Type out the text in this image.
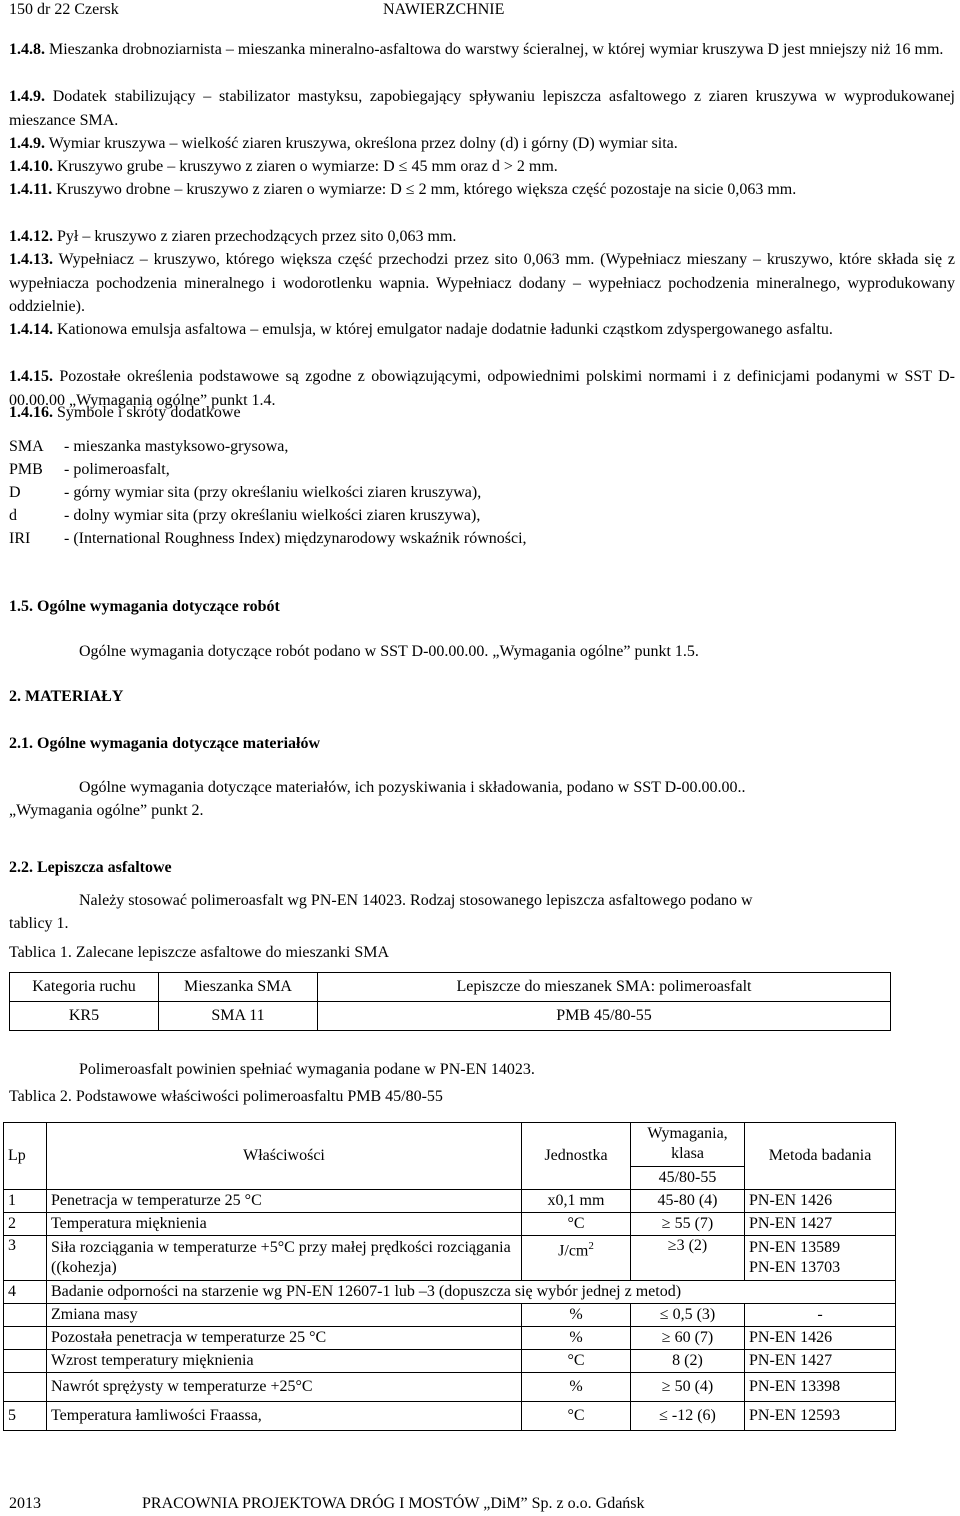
150 dr 22 Czersk	NAWIERZCHNIE
1.4.8. Mieszanka drobnoziarnista – mieszanka mineralno-asfaltowa do warstwy ścieralnej, w której wymiar kruszywa D jest mniejszy niż 16 mm.
1.4.9. Dodatek stabilizujący – stabilizator mastyksu, zapobiegający spływaniu lepiszcza asfaltowego z ziaren kruszywa w wyprodukowanej mieszance SMA.
1.4.9. Wymiar kruszywa – wielkość ziaren kruszywa, określona przez dolny (d) i górny (D) wymiar sita.
1.4.10. Kruszywo grube – kruszywo z ziaren o wymiarze: D ≤ 45 mm oraz d > 2 mm.
1.4.11. Kruszywo drobne – kruszywo z ziaren o wymiarze: D ≤ 2 mm, którego większa część pozostaje na sicie 0,063 mm.
1.4.12. Pył – kruszywo z ziaren przechodzących przez sito 0,063 mm.
1.4.13. Wypełniacz – kruszywo, którego większa część przechodzi przez sito 0,063 mm. (Wypełniacz mieszany – kruszywo, które składa się z wypełniacza pochodzenia mineralnego i wodorotlenku wapnia. Wypełniacz dodany – wypełniacz pochodzenia mineralnego, wyprodukowany oddzielnie).
1.4.14. Kationowa emulsja asfaltowa – emulsja, w której emulgator nadaje dodatnie ładunki cząstkom zdyspergowanego asfaltu.
1.4.15. Pozostałe określenia podstawowe są zgodne z obowiązującymi, odpowiednimi polskimi normami i z definicjami podanymi w SST D-00.00.00 „Wymagania ogólne” punkt 1.4.
1.4.16. Symbole i skróty dodatkowe
SMA - mieszanka mastyksowo-grysowa,
PMB - polimeroasfalt,
D	- górny wymiar sita (przy określaniu wielkości ziaren kruszywa),
d	- dolny wymiar sita (przy określaniu wielkości ziaren kruszywa),
IRI - (International Roughness Index) międzynarodowy wskaźnik równości,
1.5. Ogólne wymagania dotyczące robót
Ogólne wymagania dotyczące robót podano w SST D-00.00.00. „Wymagania ogólne” punkt 1.5.
2. MATERIAŁY
2.1. Ogólne wymagania dotyczące materiałów
Ogólne wymagania dotyczące materiałów, ich pozyskiwania i składowania, podano w SST D-00.00.00..
„Wymagania ogólne” punkt 2.
2.2. Lepiszcza asfaltowe
Należy stosować polimeroasfalt wg PN-EN 14023. Rodzaj stosowanego lepiszcza asfaltowego podano w
tablicy 1.
Tablica 1. Zalecane lepiszcze asfaltowe do mieszanki SMA
Kategoria ruchu	Mieszanka SMA	Lepiszcze do mieszanek SMA: polimeroasfalt
KR5	SMA 11	PMB 45/80-55
Polimeroasfalt powinien spełniać wymagania podane w PN-EN 14023.
Tablica 2. Podstawowe właściwości polimeroasfaltu PMB 45/80-55
Lp	Właściwości	Jednostka	Wymagania, klasa	Metoda badania
			45/80-55	
1	Penetracja w temperaturze 25 °C	x0,1 mm	45-80 (4)	PN-EN 1426
2	Temperatura mięknienia	°C	≥ 55 (7)	PN-EN 1427
3	Siła rozciągania w temperaturze +5°C przy małej prędkości rozciągania ((kohezja)	$J/cm^2$	≥3 (2)	PN-EN 13589
PN-EN 13703

4	Badanie odporności na starzenie wg PN-EN 12607-1 lub –3 (dopuszcza się wybór jednej z metod)			
	Zmiana masy	%	≤ 0,5 (3)	-
	Pozostała penetracja w temperaturze 25 °C	%	≥ 60 (7)	PN-EN 1426
	Wzrost temperatury mięknienia	°C	8 (2)	PN-EN 1427
	Nawrót sprężysty w temperaturze +25°C	%	≥ 50 (4)	PN-EN 13398
5	Temperatura łamliwości Fraassa,	°C	≤ -12 (6)	PN-EN 12593
2013	PRACOWNIA PROJEKTOWA DRÓG I MOSTÓW „DiM” Sp. z o.o. Gdańsk
